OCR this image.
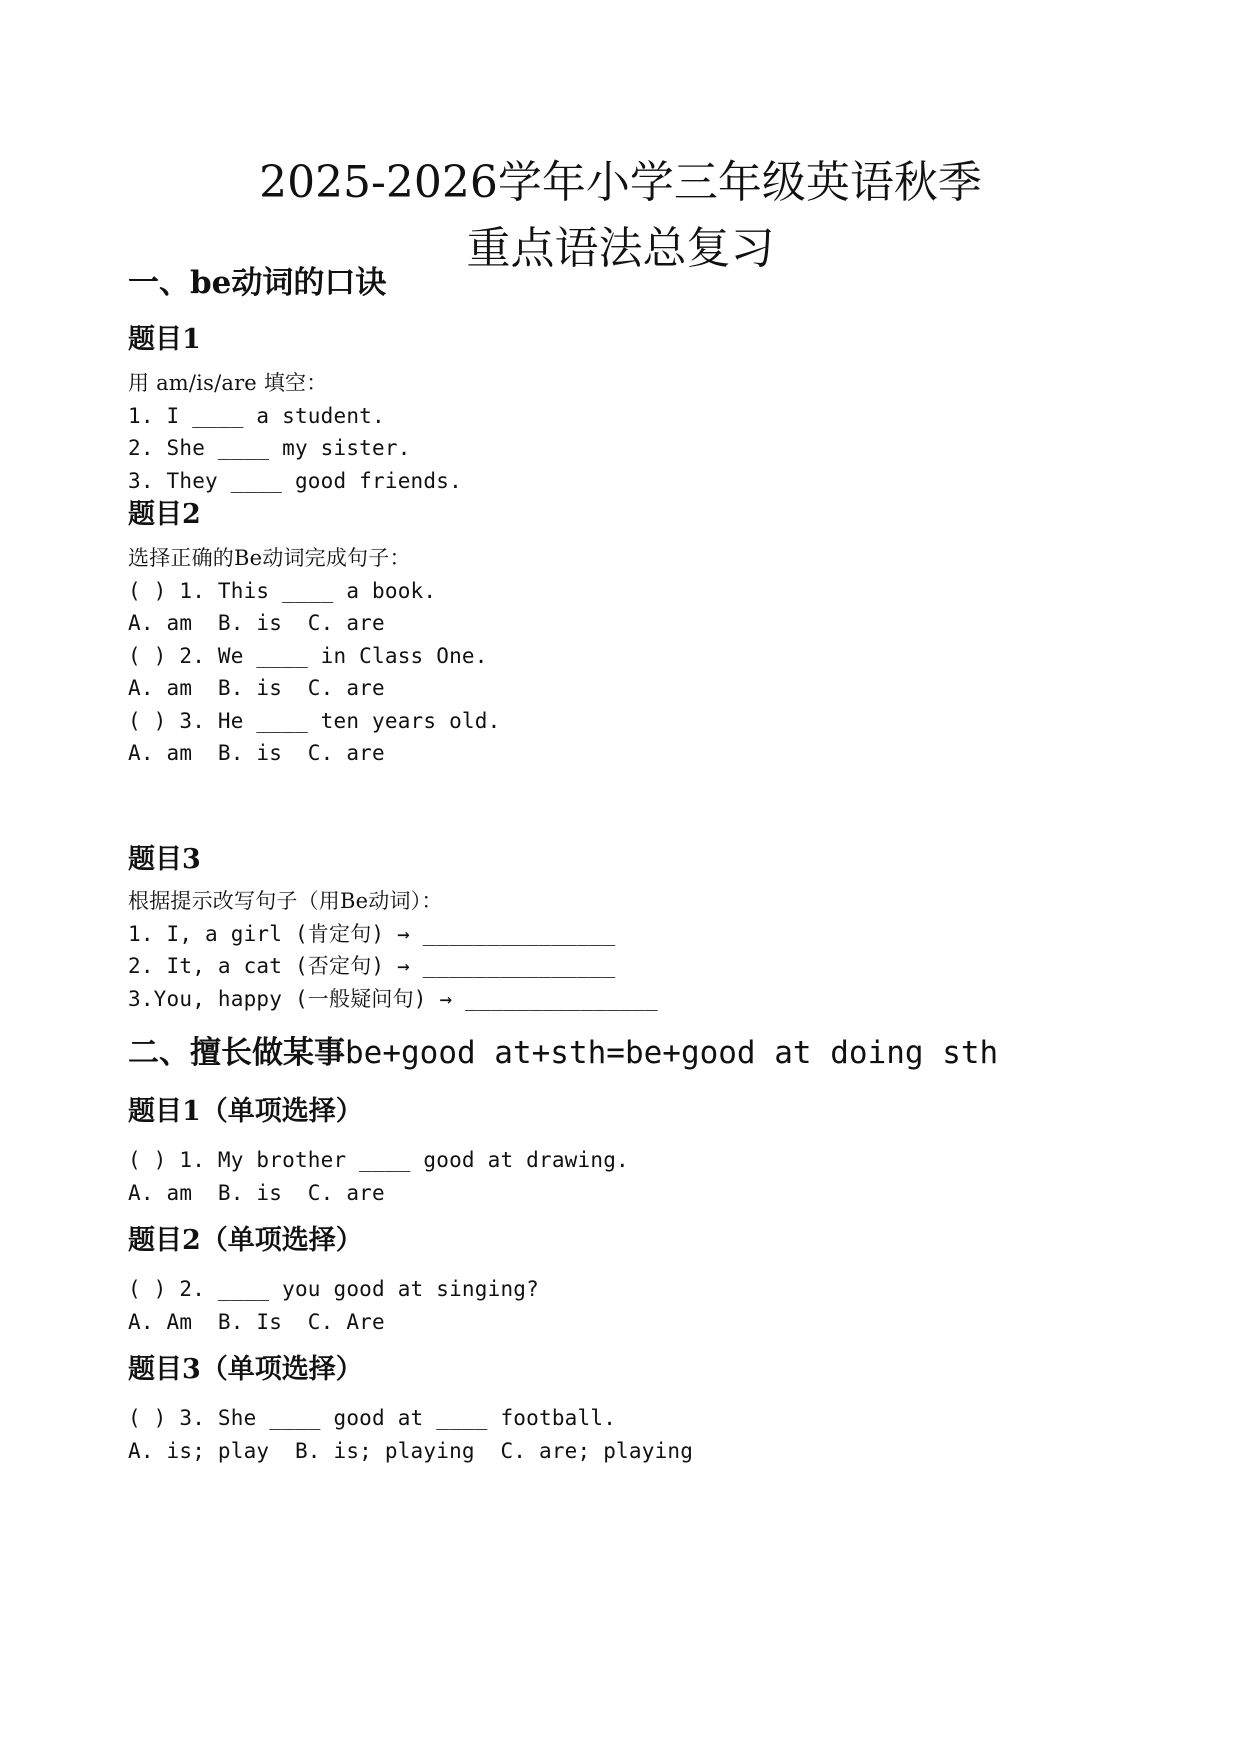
2025-2026学年小学三年级英语秋季
重点语法总复习
一、be动词的口诀
题目1
用 am/is/are 填空：
1. I ____ a student.
2. She ____ my sister.
3. They ____ good friends.
题目2
选择正确的Be动词完成句子：
( ) 1. This ____ a book.
A. am  B. is  C. are
( ) 2. We ____ in Class One.
A. am  B. is  C. are
( ) 3. He ____ ten years old.
A. am  B. is  C. are
题目3
根据提示改写句子（用Be动词）：
1. I, a girl (肯定句) → _______________
2. It, a cat (否定句) → _______________
3.You, happy (一般疑问句) → _______________
二、擅长做某事be+good at+sth=be+good at doing sth
题目1（单项选择）
( ) 1. My brother ____ good at drawing.
A. am  B. is  C. are
题目2（单项选择）
( ) 2. ____ you good at singing?
A. Am  B. Is  C. Are
题目3（单项选择）
( ) 3. She ____ good at ____ football.
A. is; play  B. is; playing  C. are; playing
